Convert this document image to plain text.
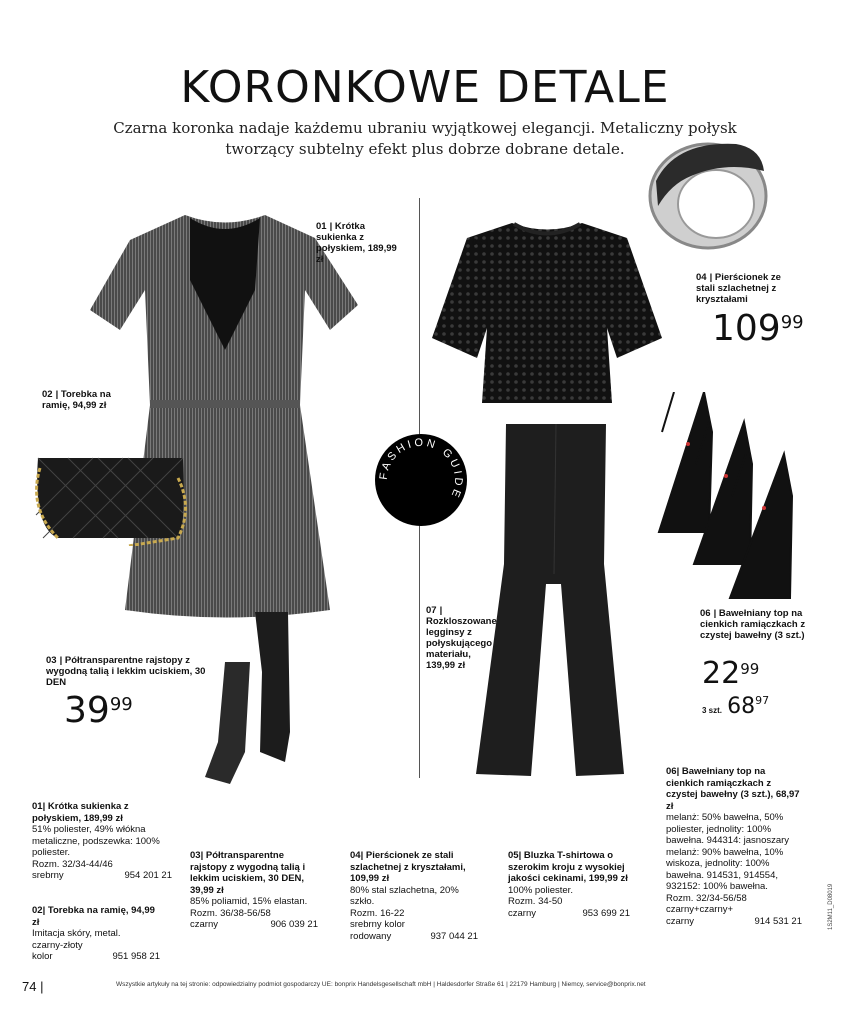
KORONKOWE DETALE
Czarna koronka nadaje każdemu ubraniu wyjątkowej elegancji. Metaliczny połysk tworzący subtelny efekt plus dobrze dobrane detale.
FASHION GUIDE
01 | Krótka sukienka z połyskiem, 189,99 zł
02 | Torebka na ramię, 94,99 zł
03 | Półtransparentne rajstopy z wygodną talią i lekkim uciskiem, 30 DEN
3999
05 |
04 | Pierścionek ze stali szlachetnej z kryształami
10999
07 | Rozkloszowane legginsy z połyskującego materiału, 139,99 zł
06 | Bawełniany top na cienkich ramiączkach z czystej bawełny (3 szt.)
2299
3 szt. $68^{97}$
01| Krótka sukienka z połyskiem, 189,99 zł
51% poliester, 49% włókna metaliczne, podszewka: 100% poliester.
Rozm. 32/34-44/46
srebrny	954 201 21
02| Torebka na ramię, 94,99 zł
Imitacja skóry, metal.
czarny-złoty
kolor	951 958 21
03| Półtransparentne rajstopy z wygodną talią i lekkim uciskiem, 30 DEN, 39,99 zł
85% poliamid, 15% elastan.
Rozm. 36/38-56/58
czarny	906 039 21
04| Pierścionek ze stali szlachetnej z kryształami, 109,99 zł
80% stal szlachetna, 20% szkło.
Rozm. 16-22
srebrny kolor
rodowany	937 044 21
05| Bluzka T-shirtowa o szerokim kroju z wysokiej jakości cekinami, 199,99 zł
100% poliester.
Rozm. 34-50
czarny	953 699 21
06| Bawełniany top na cienkich ramiączkach z czystej bawełny (3 szt.), 68,97 zł
melanż: 50% bawełna, 50% poliester, jednolity: 100% bawełna. 944314: jasnoszary melanż: 90% bawełna, 10% wiskoza, jednolity: 100% bawełna. 914531, 914554, 932152: 100% bawełna.
Rozm. 32/34-56/58
czarny+czarny+
czarny	914 531 21
74 |	Wszystkie artykuły na tej stronie: odpowiedzialny podmiot gospodarczy UE: bonprix Handelsgesellschaft mbH | Haldesdorfer Straße 61 | 22179 Hamburg | Niemcy, service@bonprix.net
1S2M11_D08019
